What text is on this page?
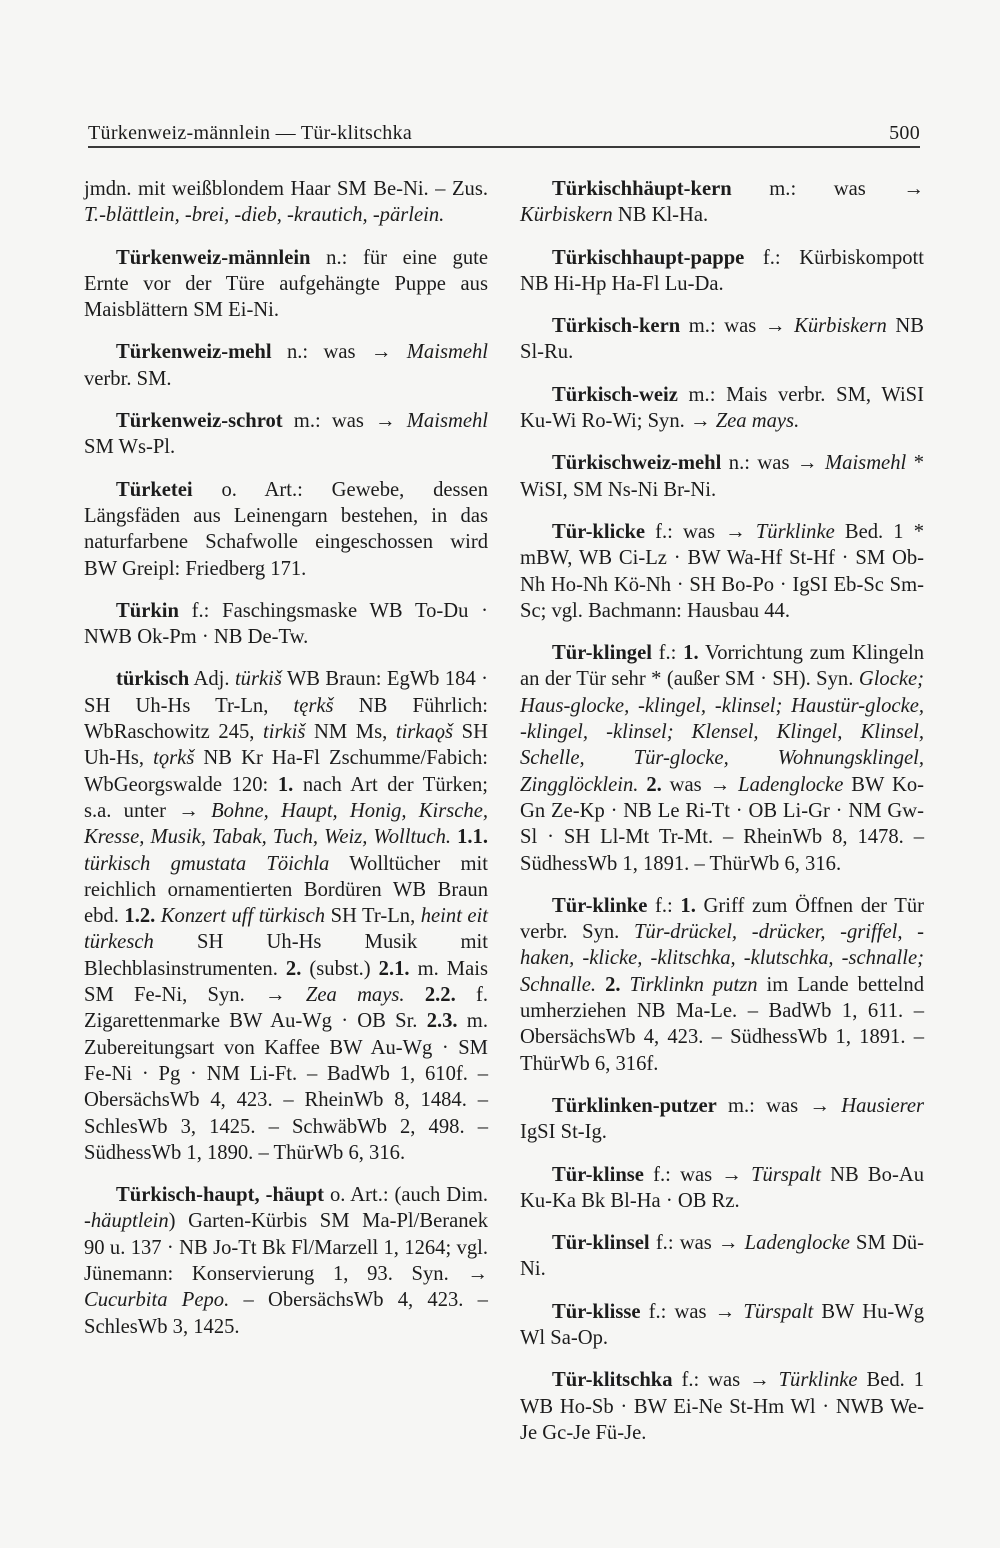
Türkenweiz-männlein — Tür-klitschka	500

jmdn. mit weißblondem Haar SM Be-Ni. – Zus. T.-blättlein, -brei, -dieb, -krautich, -pärlein.

Türkenweiz-männlein n.: für eine gute Ernte vor der Türe aufgehängte Puppe aus Maisblättern SM Ei-Ni.

Türkenweiz-mehl n.: was → Maismehl verbr. SM.

Türkenweiz-schrot m.: was → Maismehl SM Ws-Pl.

Türketei o. Art.: Gewebe, dessen Längsfäden aus Leinengarn bestehen, in das naturfarbene Schafwolle eingeschossen wird BW Greipl: Friedberg 171.

Türkin f.: Faschingsmaske WB To-Du · NWB Ok-Pm · NB De-Tw.

türkisch Adj. türkiš WB Braun: EgWb 184 · SH Uh-Hs Tr-Ln, tęrkš NB Führlich: WbRaschowitz 245, tirkiš NM Ms, tirkaǫš SH Uh-Hs, tǫrkš NB Kr Ha-Fl Zschumme/Fabich: WbGeorgswalde 120: 1. nach Art der Türken; s.a. unter → Bohne, Haupt, Honig, Kirsche, Kresse, Musik, Tabak, Tuch, Weiz, Wolltuch. 1.1. türkisch gmustata Töichla Wolltücher mit reichlich ornamentierten Bordüren WB Braun ebd. 1.2. Konzert uff türkisch SH Tr-Ln, heint eit türkesch SH Uh-Hs Musik mit Blechblasinstrumenten. 2. (subst.) 2.1. m. Mais SM Fe-Ni, Syn. → Zea mays. 2.2. f. Zigarettenmarke BW Au-Wg · OB Sr. 2.3. m. Zubereitungsart von Kaffee BW Au-Wg · SM Fe-Ni · Pg · NM Li-Ft. – BadWb 1, 610f. – ObersächsWb 4, 423. – RheinWb 8, 1484. – SchlesWb 3, 1425. – SchwäbWb 2, 498. – SüdhessWb 1, 1890. – ThürWb 6, 316.

Türkisch-haupt, -häupt o. Art.: (auch Dim. -häuptlein) Garten-Kürbis SM Ma-Pl/Beranek 90 u. 137 · NB Jo-Tt Bk Fl/Marzell 1, 1264; vgl. Jünemann: Konservierung 1, 93. Syn. → Cucurbita Pepo. – ObersächsWb 4, 423. – SchlesWb 3, 1425.

Türkischhäupt-kern m.: was → Kürbiskern NB Kl-Ha.

Türkischhaupt-pappe f.: Kürbiskompott NB Hi-Hp Ha-Fl Lu-Da.

Türkisch-kern m.: was → Kürbiskern NB Sl-Ru.

Türkisch-weiz m.: Mais verbr. SM, WiSI Ku-Wi Ro-Wi; Syn. → Zea mays.

Türkischweiz-mehl n.: was → Maismehl * WiSI, SM Ns-Ni Br-Ni.

Tür-klicke f.: was → Türklinke Bed. 1 * mBW, WB Ci-Lz · BW Wa-Hf St-Hf · SM Ob-Nh Ho-Nh Kö-Nh · SH Bo-Po · IgSI Eb-Sc Sm-Sc; vgl. Bachmann: Hausbau 44.

Tür-klingel f.: 1. Vorrichtung zum Klingeln an der Tür sehr * (außer SM · SH). Syn. Glocke; Haus-glocke, -klingel, -klinsel; Haustür-glocke, -klingel, -klinsel; Klensel, Klingel, Klinsel, Schelle, Tür-glocke, Wohnungsklingel, Zingglöcklein. 2. was → Ladenglocke BW Ko-Gn Ze-Kp · NB Le Ri-Tt · OB Li-Gr · NM Gw-Sl · SH Ll-Mt Tr-Mt. – RheinWb 8, 1478. – SüdhessWb 1, 1891. – ThürWb 6, 316.

Tür-klinke f.: 1. Griff zum Öffnen der Tür verbr. Syn. Tür-drückel, -drücker, -griffel, -haken, -klicke, -klitschka, -klutschka, -schnalle; Schnalle. 2. Tirklinkn putzn im Lande bettelnd umherziehen NB Ma-Le. – BadWb 1, 611. – ObersächsWb 4, 423. – SüdhessWb 1, 1891. – ThürWb 6, 316f.

Türklinken-putzer m.: was → Hausierer IgSI St-Ig.

Tür-klinse f.: was → Türspalt NB Bo-Au Ku-Ka Bk Bl-Ha · OB Rz.

Tür-klinsel f.: was → Ladenglocke SM Dü-Ni.

Tür-klisse f.: was → Türspalt BW Hu-Wg Wl Sa-Op.

Tür-klitschka f.: was → Türklinke Bed. 1 WB Ho-Sb · BW Ei-Ne St-Hm Wl · NWB We-Je Gc-Je Fü-Je.
